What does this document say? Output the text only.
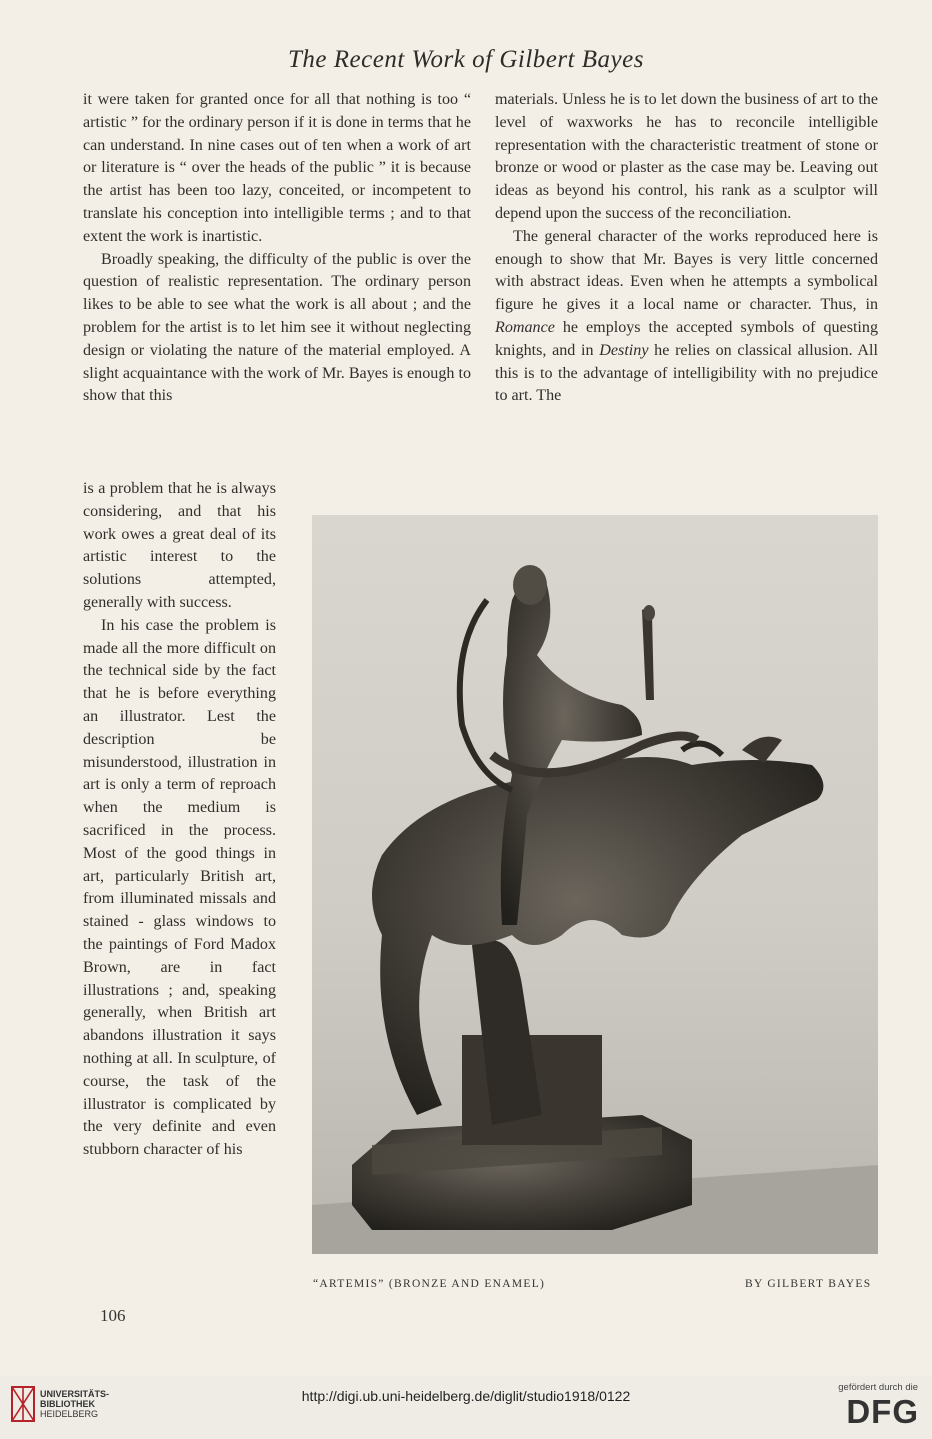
The Recent Work of Gilbert Bayes

it were taken for granted once for all that nothing is too “ artistic ” for the ordinary person if it is done in terms that he can understand. In nine cases out of ten when a work of art or literature is “ over the heads of the public ” it is because the artist has been too lazy, conceited, or incompetent to translate his conception into intelligible terms ; and to that extent the work is inartistic.

Broadly speaking, the difficulty of the public is over the question of realistic representation. The ordinary person likes to be able to see what the work is all about ; and the problem for the artist is to let him see it without neglecting design or violating the nature of the material employed. A slight acquaintance with the work of Mr. Bayes is enough to show that this

is a problem that he is always considering, and that his work owes a great deal of its artistic interest to the solutions attempted, generally with success.

In his case the problem is made all the more difficult on the technical side by the fact that he is before everything an illustrator. Lest the description be misunderstood, illustration in art is only a term of reproach when the medium is sacrificed in the process. Most of the good things in art, particularly British art, from illuminated missals and stained - glass windows to the paintings of Ford Madox Brown, are in fact illustrations ; and, speaking generally, when British art abandons illustration it says nothing at all. In sculpture, of course, the task of the illustrator is complicated by the very definite and even stubborn character of his

materials. Unless he is to let down the business of art to the level of waxworks he has to reconcile intelligible representation with the characteristic treatment of stone or bronze or wood or plaster as the case may be. Leaving out ideas as beyond his control, his rank as a sculptor will depend upon the success of the reconciliation.

The general character of the works reproduced here is enough to show that Mr. Bayes is very little concerned with abstract ideas. Even when he attempts a symbolical figure he gives it a local name or character. Thus, in Romance he employs the accepted symbols of questing knights, and in Destiny he relies on classical allusion. All this is to the advantage of intelligibility with no prejudice to art. The

“ARTEMIS” (BRONZE AND ENAMEL)	BY GILBERT BAYES
106
UNIVERSITÄTS-
BIBLIOTHEK
HEIDELBERG
http://digi.ub.uni-heidelberg.de/diglit/studio1918/0122
gefördert durch die
DFG
